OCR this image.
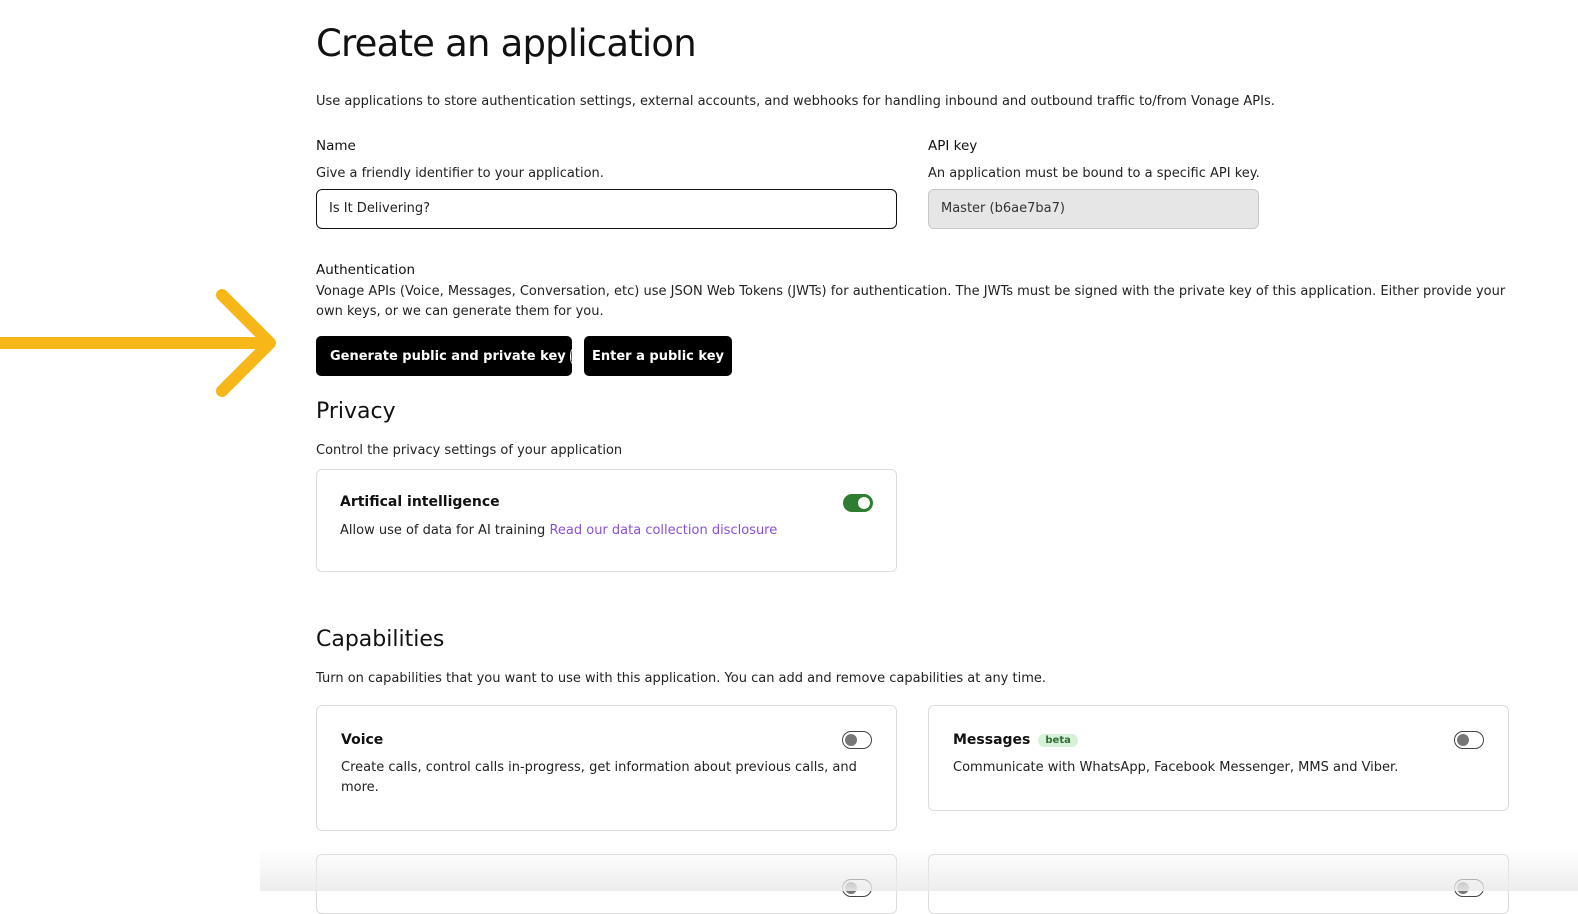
Create an application
Use applications to store authentication settings, external accounts, and webhooks for handling inbound and outbound traffic to/from Vonage APIs.
Name
Give a friendly identifier to your application.
Is It Delivering?
API key
An application must be bound to a specific API key.
Master (b6ae7ba7)
Authentication
Vonage APIs (Voice, Messages, Conversation, etc) use JSON Web Tokens (JWTs) for authentication. The JWTs must be signed with the private key of this application. Either provide your own keys, or we can generate them for you.
Generate public and private key i	Enter a public key
Privacy
Control the privacy settings of your application
Artifical intelligence
Allow use of data for AI training Read our data collection disclosure
Capabilities
Turn on capabilities that you want to use with this application. You can add and remove capabilities at any time.
Voice
Create calls, control calls in-progress, get information about previous calls, and more.
Messages beta
Communicate with WhatsApp, Facebook Messenger, MMS and Viber.
